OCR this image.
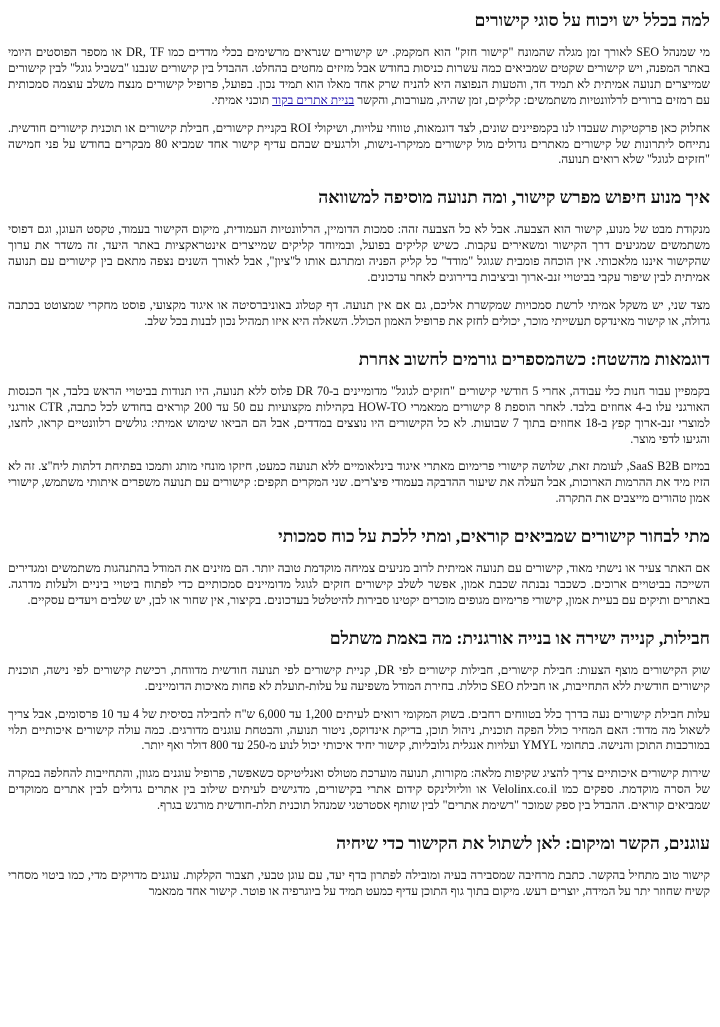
למה בכלל יש ויכוח על סוגי קישורים

מי שמנהל SEO לאורך זמן מגלה שהמונח "קישור חזק" הוא חמקמק. יש קישורים שנראים מרשימים בכלי מדדים כמו DR, TF או מספר הפוסטים היומי באתר המפנה, ויש קישורים שקטים שמביאים כמה עשרות כניסות בחודש אבל מזיזים מחטים בהחלט. ההבדל בין קישורים שנבנו "בשביל גוגל" לבין קישורים שמייצרים תנועה אמיתית לא תמיד חד, והטעות הנפוצה היא להניח שרק אחד מאלו הוא תמיד נכון. בפועל, פרופיל קישורים מנצח משלב עוצמה סמכותית עם רמזים ברורים לרלוונטיות משתמשים: קליקים, זמן שהיה, מעורבות, והקשר בניית אתרים בקוד תוכני אמיתי.

אחלוק כאן פרקטיקות שעבדו לנו בקמפיינים שונים, לצד דוגמאות, טווחי עלויות, ושיקולי ROI בקניית קישורים, חבילת קישורים או תוכנית קישורים חודשית. נתייחס ליתרונות של קישורים מאתרים גדולים מול קישורים ממיקרו-נישות, ולרגעים שבהם עדיף קישור אחד שמביא 80 מבקרים בחודש על פני חמישה "חזקים לגוגל" שלא רואים תנועה.

איך מנוע חיפוש מפרש קישור, ומה תנועה מוסיפה למשוואה

מנקודת מבט של מנוע, קישור הוא הצבעה. אבל לא כל הצבעה זהה: סמכות הדומיין, הרלוונטיות העמודית, מיקום הקישור בעמוד, טקסט העוגן, וגם דפוסי משתמשים שמגיעים דרך הקישור ומשאירים עקבות. כשיש קליקים בפועל, ובמיוחד קליקים שמייצרים אינטראקציות באתר היעד, זה משדר את ערוך שהקישור איננו מלאכותי. אין הוכחה פומבית שגוגל "מודד" כל קליק הפניה ומתרגם אותו ל"ציון", אבל לאורך השנים נצפה מתאם בין קישורים עם תנועה אמיתית לבין שיפור עקבי בביטויי זנב-ארוך וביציבות בדירוגים לאחר עדכונים.

מצד שני, יש משקל אמיתי לרשת סמכויות שמקשרת אליכם, גם אם אין תנועה. דף קטלוג באוניברסיטה או איגוד מקצועי, פוסט מחקרי שמצוטט בכתבה גדולה, או קישור מאינדקס תעשייתי מוכר, יכולים לחזק את פרופיל האמון הכולל. השאלה היא איזו תמהיל נכון לבנות בכל שלב.

דוגמאות מהשטח: כשהמספרים גורמים לחשוב אחרת

בקמפיין עבור חנות כלי עבודה, אחרי 5 חודשי קישורים "חזקים לגוגל" מדומיינים ב-DR 70 פלוס ללא תנועה, היו תנודות בביטויי הראש בלבד, אך הכנסות האורגני עלו ב-4 אחוזים בלבד. לאחר הוספת 8 קישורים ממאמרי HOW-TO בקהילות מקצועיות עם 50 עד 200 קוראים בחודש לכל כתבה, CTR אורגני למוצרי זנב-ארוך קפץ ב-18 אחוזים בתוך 7 שבועות. לא כל הקישורים היו נוצצים במדדים, אבל הם הביאו שימוש אמיתי: גולשים רלוונטיים קראו, לחצו, והגיעו לדפי מוצר.

במיזם SaaS B2B, לעומת זאת, שלושה קישורי פרימיום מאתרי איגוד בינלאומיים ללא תנועה כמעט, חיזקו מונחי מותג ותמכו בפתיחת דלתות ליח"צ. זה לא הזיז מיד את ההרמות הארוכות, אבל העלה את שיעור ההדבקה בעמודי פיצ'רים. שני המקרים תקפים: קישורים עם תנועה משפרים איתותי משתמש, קישורי אמון טהורים מייצבים את התקרה.

מתי לבחור קישורים שמביאים קוראים, ומתי ללכת על כוח סמכותי

אם האתר צעיר או נישתי מאוד, קישורים עם תנועה אמיתית לרוב מניעים צמיחה מוקדמת טובה יותר. הם מזינים את המודל בהתנהגות משתמשים ומגדירים השייכה בביטויים ארוכים. כשכבר נבנתה שכבת אמון, אפשר לשלב קישורים חזקים לגוגל מדומיינים סמכותיים כדי לפתוח ביטויי ביניים ולעלות מדרגה. באתרים ותיקים עם בעיית אמון, קישורי פרימיום מגופים מוכרים יקטינו סבירות להיטלטל בעדכונים. בקיצור, אין שחור או לבן, יש שלבים ויעדים עסקיים.

חבילות, קנייה ישירה או בנייה אורגנית: מה באמת משתלם

שוק הקישורים מוצף הצעות: חבילת קישורים, חבילות קישורים לפי DR, קניית קישורים לפי תנועה חודשית מדווחת, רכישת קישורים לפי נישה, תוכנית קישורים חודשית ללא התחייבות, או חבילת SEO כוללת. בחירת המודל משפיעה על עלות-תועלת לא פחות מאיכות הדומיינים.

עלות חבילת קישורים נעה בדרך כלל בטווחים רחבים. בשוק המקומי רואים לעיתים 1,200 עד 6,000 ש"ח לחבילה בסיסית של 4 עד 10 פרסומים, אבל צריך לשאול מה מדוד: האם המחיר כולל הפקה תוכנית, ניהול תוכן, בדיקת אינדוקס, ניטור תנועה, והבטחת עוגנים מדורגים. כמה עולה קישורים איכותיים תלוי במורכבות התוכן והנישה. בתחומי YMYL ועלויות אנגלית גלובליות, קישור יחיד איכותי יכול לנוע מ-250 עד 800 דולר ואף יותר.

שירות קישורים איכותיים צריך להציג שקיפות מלאה: מקורות, תנועה מוערכת מטולס ואנליטיקס כשאפשר, פרופיל עוגנים מגוון, והתחייבות להחלפה במקרה של הסרה מוקדמת. ספקים כמו Velolinx.co.il או ווליולינקס קידום אתרי בקישורים, מדגישים לעיתים שילוב בין אתרים גדולים לבין אתרים ממוקדים שמביאים קוראים. ההבדל בין ספק שמוכר "רשימת אתרים" לבין שותף אסטרטגי שמנהל תוכנית תלת-חודשית מורגש בגרף.

עוגנים, הקשר ומיקום: לאן לשתול את הקישור כדי שיחיה

קישור טוב מתחיל בהקשר. כתבת מרחיבה שמסבירה בעיה ומובילה לפתרון בדף יעד, עם עוגן טבעי, תצבור הקלקות. עוגנים מדויקים מדי, כמו ביטוי מסחרי קשיח שחוזר יתר על המידה, יוצרים רעש. מיקום בתוך גוף התוכן עדיף כמעט תמיד על ביוגרפיה או פוטר. קישור אחד ממאמר
